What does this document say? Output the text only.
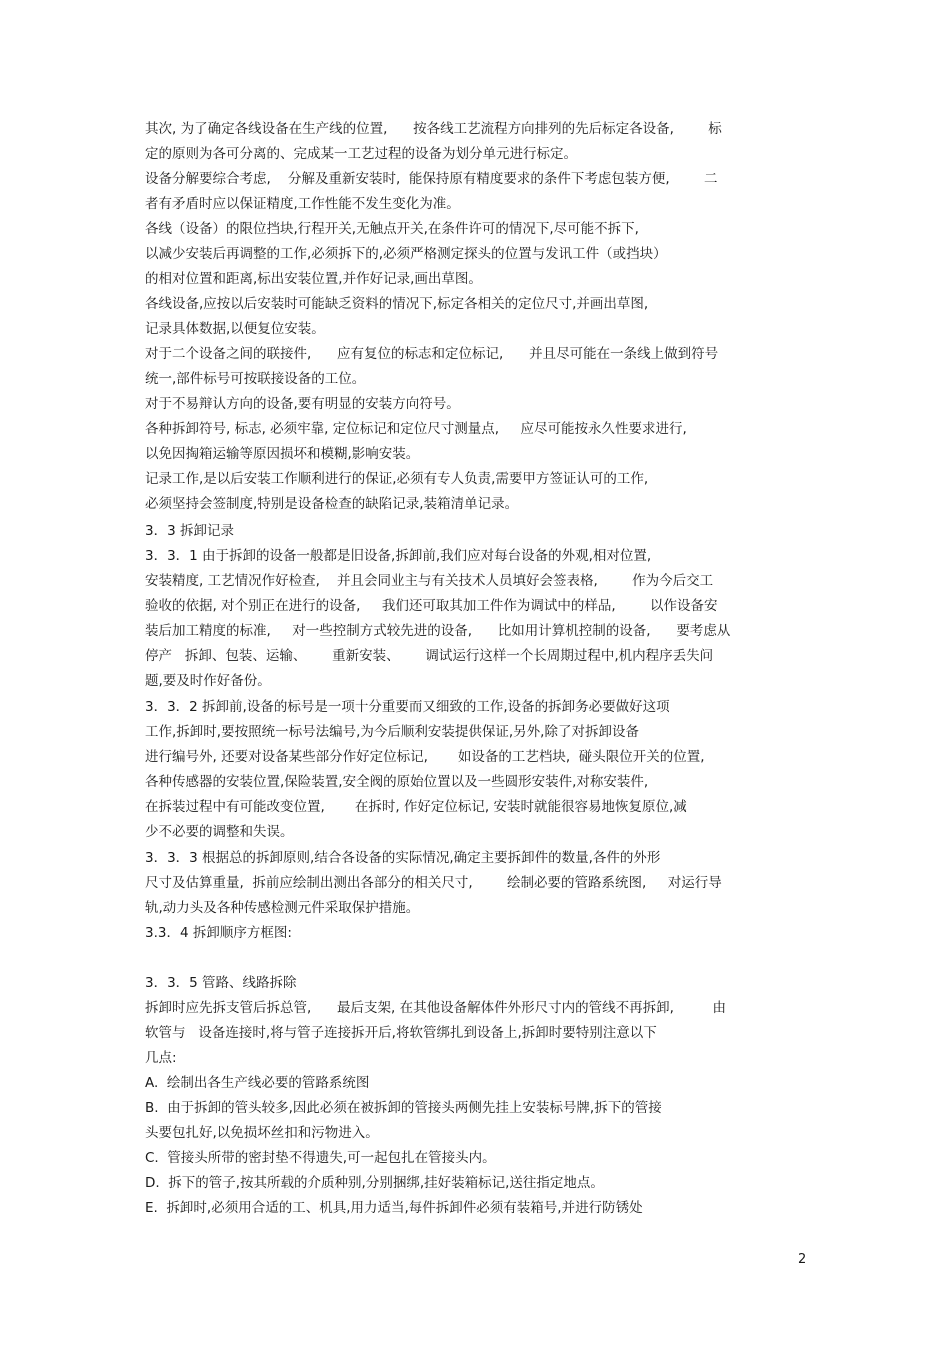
其次, 为了确定各线设备在生产线的位置,      按各线工艺流程方向排列的先后标定各设备,        标
定的原则为各可分离的、完成某一工艺过程的设备为划分单元进行标定。
设备分解要综合考虑,    分解及重新安装时,  能保持原有精度要求的条件下考虑包装方便,        二
者有矛盾时应以保证精度,工作性能不发生变化为准。
各线（设备）的限位挡块,行程开关,无触点开关,在条件许可的情况下,尽可能不拆下,
以减少安装后再调整的工作,必须拆下的,必须严格测定探头的位置与发讯工件（或挡块）
的相对位置和距离,标出安装位置,并作好记录,画出草图。
各线设备,应按以后安装时可能缺乏资料的情况下,标定各相关的定位尺寸,并画出草图,
记录具体数据,以便复位安装。
对于二个设备之间的联接件,      应有复位的标志和定位标记,      并且尽可能在一条线上做到符号
统一,部件标号可按联接设备的工位。
对于不易辩认方向的设备,要有明显的安装方向符号。
各种拆卸符号, 标志, 必须牢靠, 定位标记和定位尺寸测量点,     应尽可能按永久性要求进行,
以免因掏箱运输等原因损坏和模糊,影响安装。
记录工作,是以后安装工作顺利进行的保证,必须有专人负责,需要甲方签证认可的工作,
必须坚持会签制度,特别是设备检查的缺陷记录,装箱清单记录。
3．3 拆卸记录
3．3．1 由于拆卸的设备一般都是旧设备,拆卸前,我们应对每台设备的外观,相对位置,
安装精度, 工艺情况作好检查,    并且会同业主与有关技术人员填好会签表格,        作为今后交工
验收的依据, 对个别正在进行的设备,     我们还可取其加工件作为调试中的样品,        以作设备安
装后加工精度的标准,     对一些控制方式较先进的设备,      比如用计算机控制的设备,      要考虑从
停产   拆卸、包装、运输、      重新安装、      调试运行这样一个长周期过程中,机内程序丢失问
题,要及时作好备份。
3．3．2 拆卸前,设备的标号是一项十分重要而又细致的工作,设备的拆卸务必要做好这项
工作,拆卸时,要按照统一标号法编号,为今后顺利安装提供保证,另外,除了对拆卸设备
进行编号外, 还要对设备某些部分作好定位标记,       如设备的工艺档块,  碰头限位开关的位置,
各种传感器的安装位置,保险装置,安全阀的原始位置以及一些圆形安装件,对称安装件,
在拆装过程中有可能改变位置,       在拆时, 作好定位标记, 安装时就能很容易地恢复原位,减
少不必要的调整和失误。
3．3．3 根据总的拆卸原则,结合各设备的实际情况,确定主要拆卸件的数量,各件的外形
尺寸及估算重量,  拆前应绘制出测出各部分的相关尺寸,        绘制必要的管路系统图,     对运行导
轨,动力头及各种传感检测元件采取保护措施。
3.3．4 拆卸顺序方框图:
3．3．5 管路、线路拆除
拆卸时应先拆支管后拆总管,      最后支架, 在其他设备解体件外形尺寸内的管线不再拆卸,         由
软管与   设备连接时,将与管子连接拆开后,将软管绑扎到设备上,拆卸时要特别注意以下
几点:
A.  绘制出各生产线必要的管路系统图
B.  由于拆卸的管头较多,因此必须在被拆卸的管接头两侧先挂上安装标号牌,拆下的管接
头要包扎好,以免损坏丝扣和污物进入。
C.  管接头所带的密封垫不得遗失,可一起包扎在管接头内。
D.  拆下的管子,按其所载的介质种别,分别捆绑,挂好装箱标记,送往指定地点。
E.  拆卸时,必须用合适的工、机具,用力适当,每件拆卸件必须有装箱号,并进行防锈处
2
